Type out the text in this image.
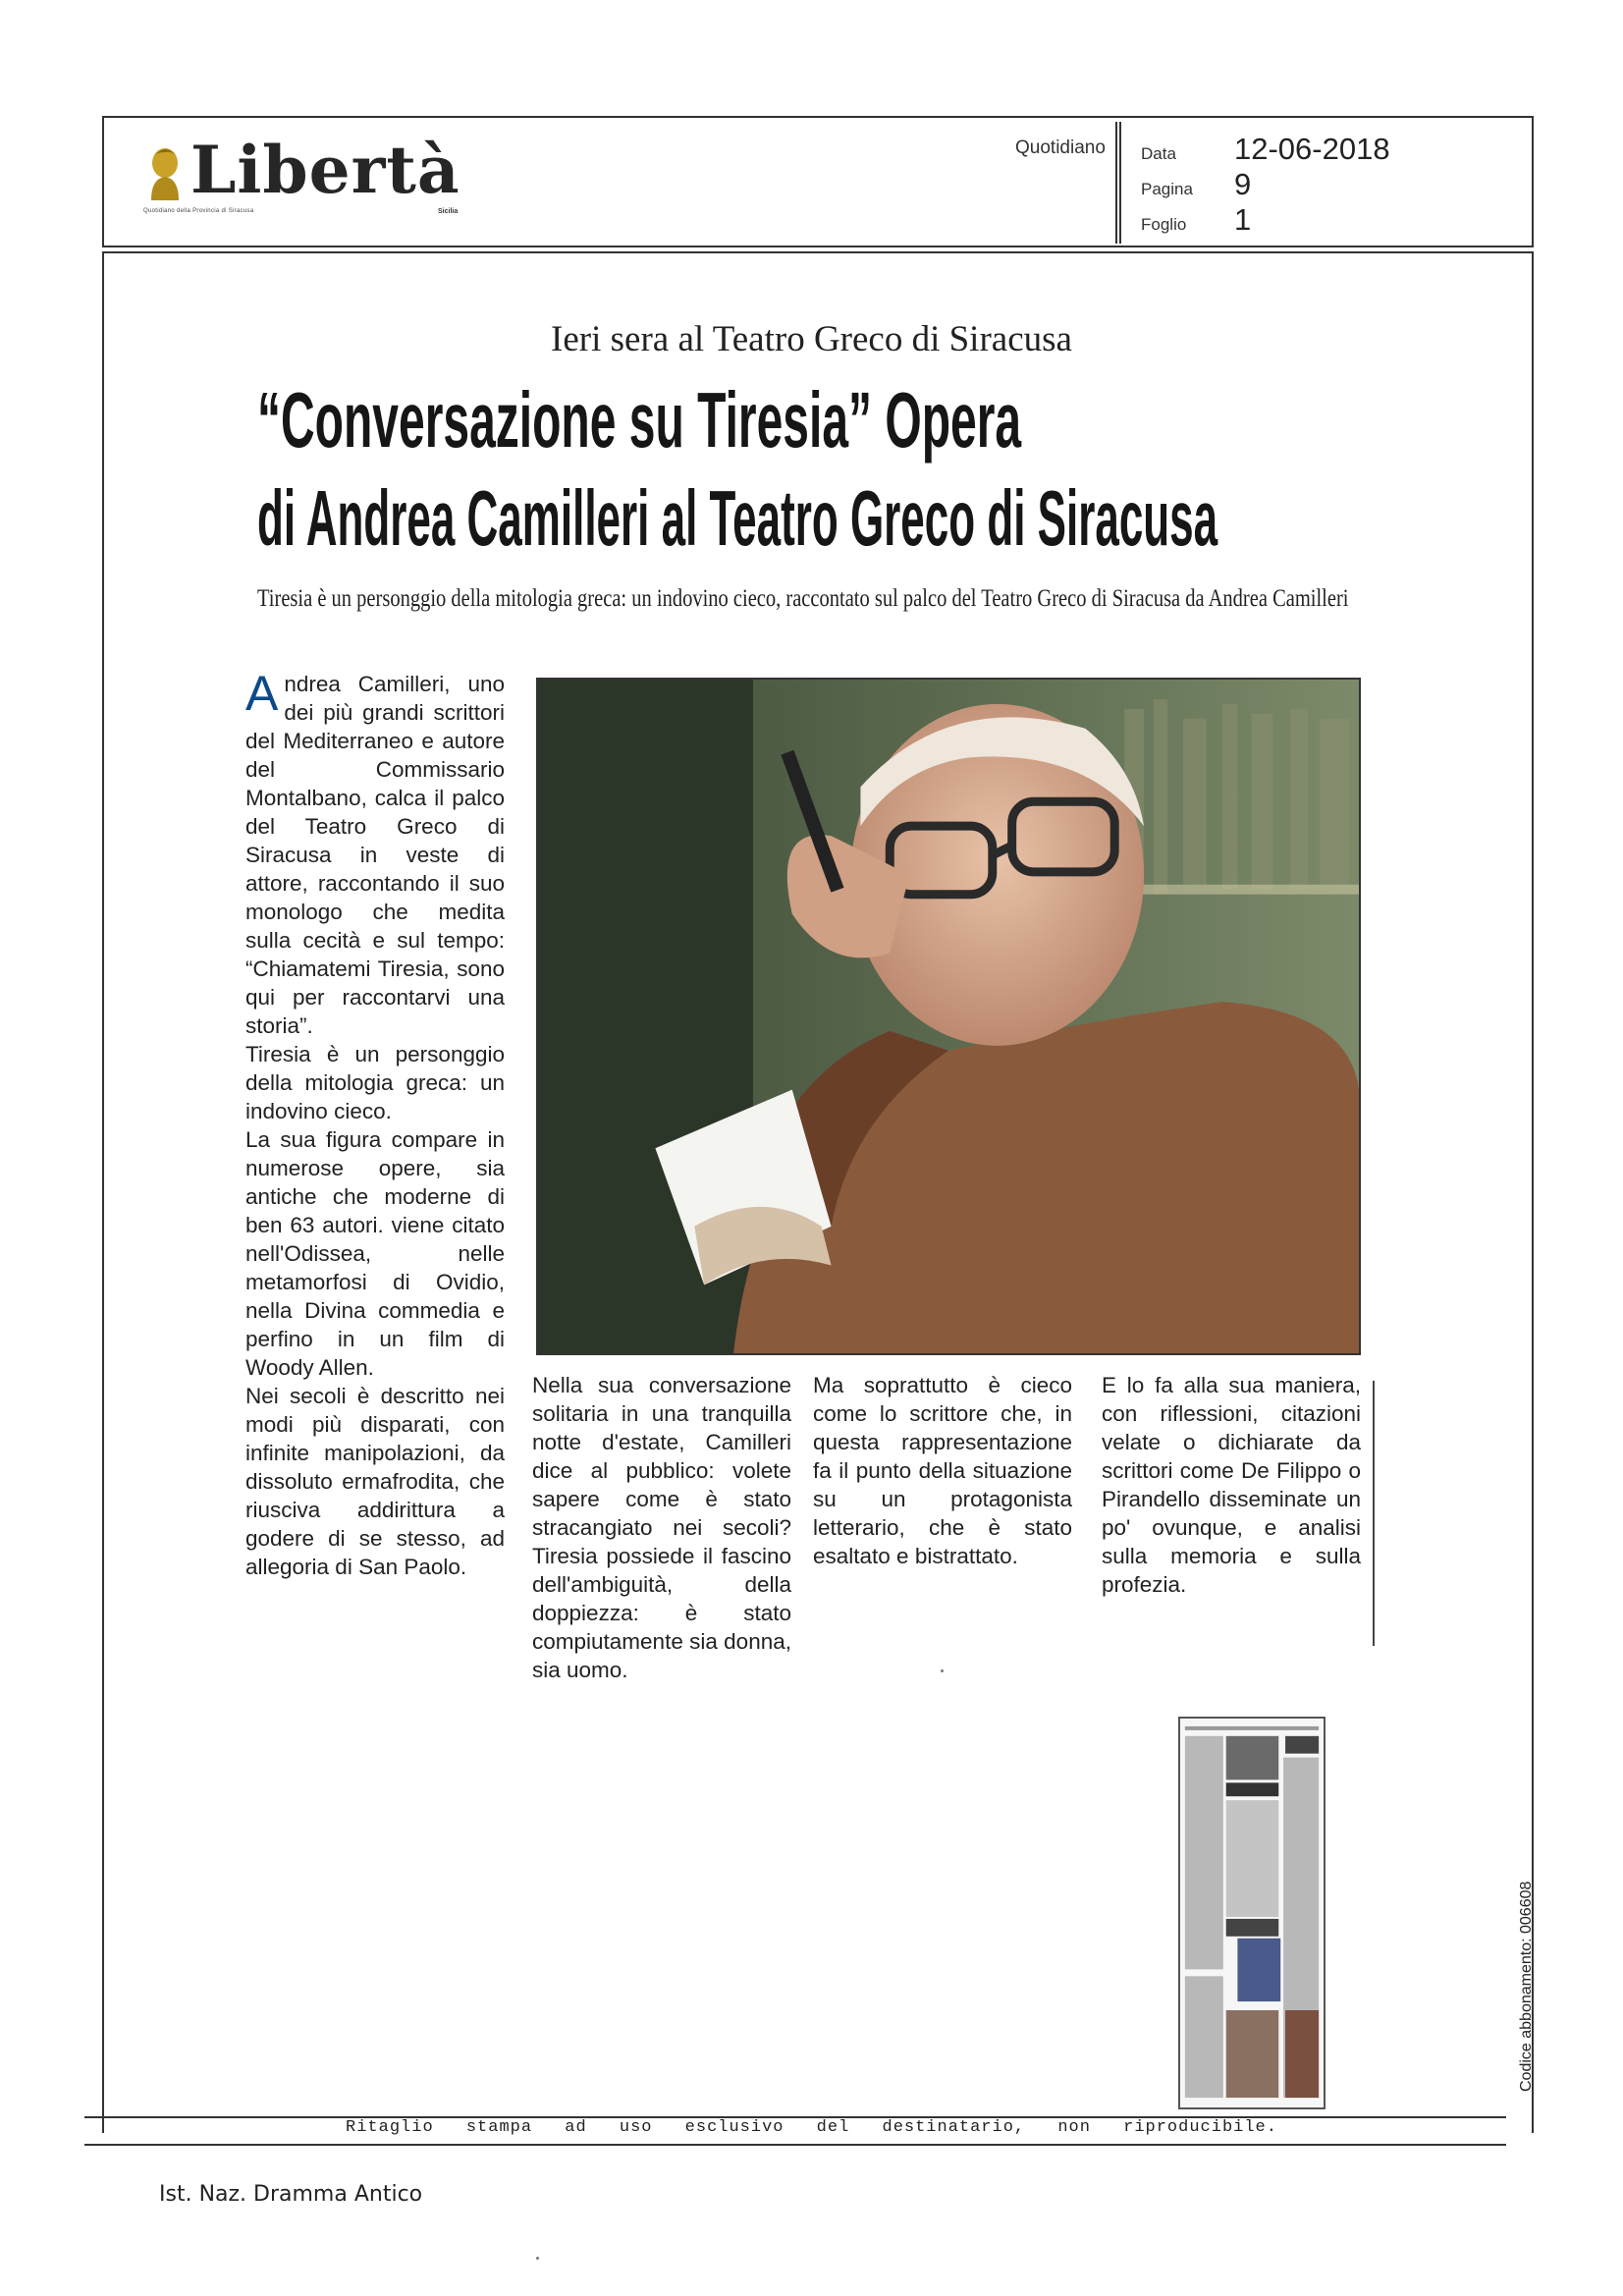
Libertà
Quotidiano della Provincia di Siracusa	Sicilia
Quotidiano Data	12-06-2018
Pagina	9
Foglio	1
Ieri sera al Teatro Greco di Siracusa
“Conversazione su Tiresia” Opera
di Andrea Camilleri al Teatro Greco di Siracusa
Tiresia è un personggio della mitologia greca: un indovino cieco, raccontato sul palco del Teatro Greco di Siracusa da Andrea Camilleri

Andrea Camilleri, uno dei più grandi scrittori del Mediterraneo e autore del Commissario Montalbano, calca il palco del Teatro Greco di Siracusa in veste di attore, raccontando il suo monologo che medita sulla cecità e sul tempo: “Chiamatemi Tiresia, sono qui per raccontarvi una storia”.

Tiresia è un personggio della mitologia greca: un indovino cieco.

La sua figura compare in numerose opere, sia antiche che moderne di ben 63 autori. viene citato nell'Odissea, nelle metamorfosi di Ovidio, nella Divina commedia e perfino in un film di Woody Allen.

Nei secoli è descritto nei modi più disparati, con infinite manipolazioni, da dissoluto ermafrodita, che riusciva addirittura a godere di se stesso, ad allegoria di San Paolo.

Nella sua conversazione solitaria in una tranquilla notte d'estate, Camilleri dice al pubblico: volete sapere come è stato stracangiato nei secoli? Tiresia possiede il fascino dell'ambiguità, della doppiezza: è stato compiutamente sia donna, sia uomo.
Ma soprattutto è cieco come lo scrittore che, in questa rappresentazione fa il punto della situazione su un protagonista letterario, che è stato esaltato e bistrattato.
E lo fa alla sua maniera, con riflessioni, citazioni velate o dichiarate da scrittori come De Filippo o Pirandello disseminate un po' ovunque, e analisi sulla memoria e sulla profezia.
Codice abbonamento: 006608
Ritaglio stampa ad uso esclusivo del destinatario, non riproducibile.
Ist. Naz. Dramma Antico
